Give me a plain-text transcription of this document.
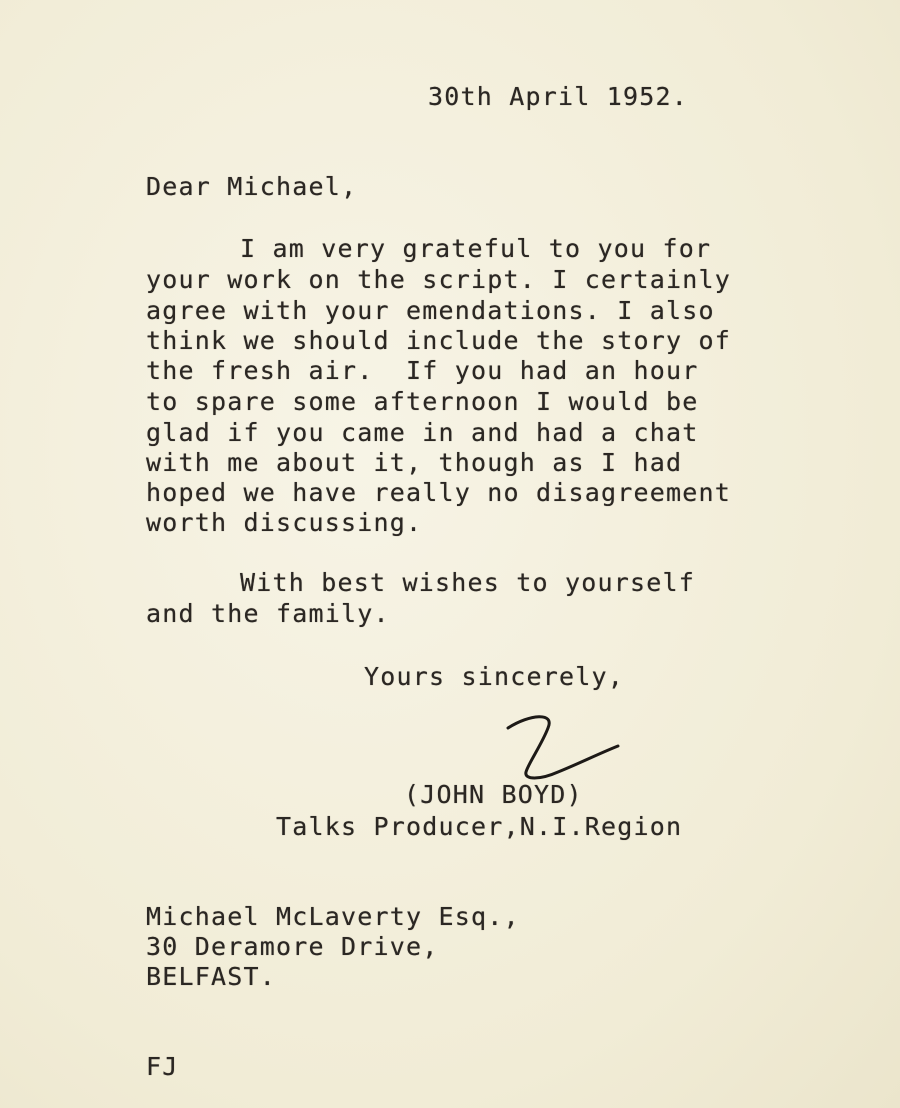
30th April 1952.
Dear Michael,
I am very grateful to you for
your work on the script. I certainly
agree with your emendations. I also
think we should include the story of
the fresh air.  If you had an hour
to spare some afternoon I would be
glad if you came in and had a chat
with me about it, though as I had
hoped we have really no disagreement
worth discussing.
With best wishes to yourself
and the family.
Yours sincerely,
(JOHN BOYD)
Talks Producer,N.I.Region
Michael McLaverty Esq.,
30 Deramore Drive,
BELFAST.
FJ
